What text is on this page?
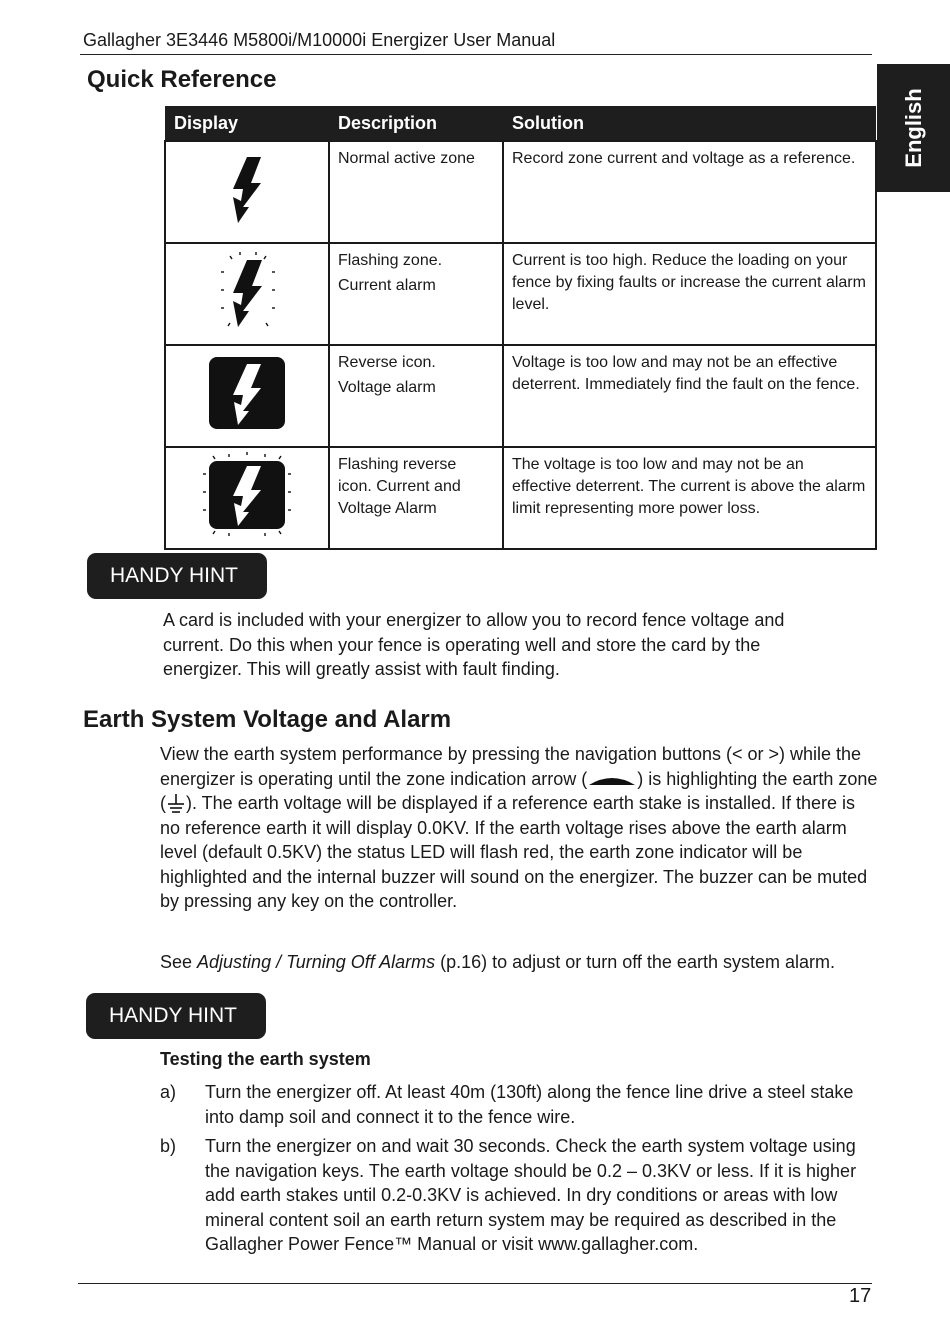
Gallagher 3E3446 M5800i/M10000i Energizer User Manual
English
Quick Reference
Display	Description	Solution

Normal active zone	Record zone current and voltage as a reference.

Flashing zone.
Current alarm	Current is too high. Reduce the loading on your fence by fixing faults or increase the current alarm level.

Reverse icon.
Voltage alarm	Voltage is too low and may not be an effective deterrent. Immediately find the fault on the fence.

Flashing reverse icon. Current and Voltage Alarm	The voltage is too low and may not be an effective deterrent. The current is above the alarm limit representing more power loss.
HANDY HINT
A card is included with your energizer to allow you to record fence voltage and current. Do this when your fence is operating well and store the card by the energizer. This will greatly assist with fault finding.
Earth System Voltage and Alarm
View the earth system performance by pressing the navigation buttons (< or >) while the energizer is operating until the zone indication arrow (	) is highlighting the earth zone ( ). The earth voltage will be displayed if a reference earth stake is installed. If there is no reference earth it will display 0.0KV. If the earth voltage rises above the earth alarm level (default 0.5KV) the status LED will flash red, the earth zone indicator will be highlighted and the internal buzzer will sound on the energizer. The buzzer can be muted by pressing any key on the controller.
See Adjusting / Turning Off Alarms (p.16) to adjust or turn off the earth system alarm.
HANDY HINT
Testing the earth system
a) Turn the energizer off. At least 40m (130ft) along the fence line drive a steel stake into damp soil and connect it to the fence wire.
b) Turn the energizer on and wait 30 seconds. Check the earth system voltage using the navigation keys. The earth voltage should be 0.2 – 0.3KV or less. If it is higher add earth stakes until 0.2-0.3KV is achieved. In dry conditions or areas with low mineral content soil an earth return system may be required as described in the Gallagher Power Fence™ Manual or visit www.gallagher.com.
17
